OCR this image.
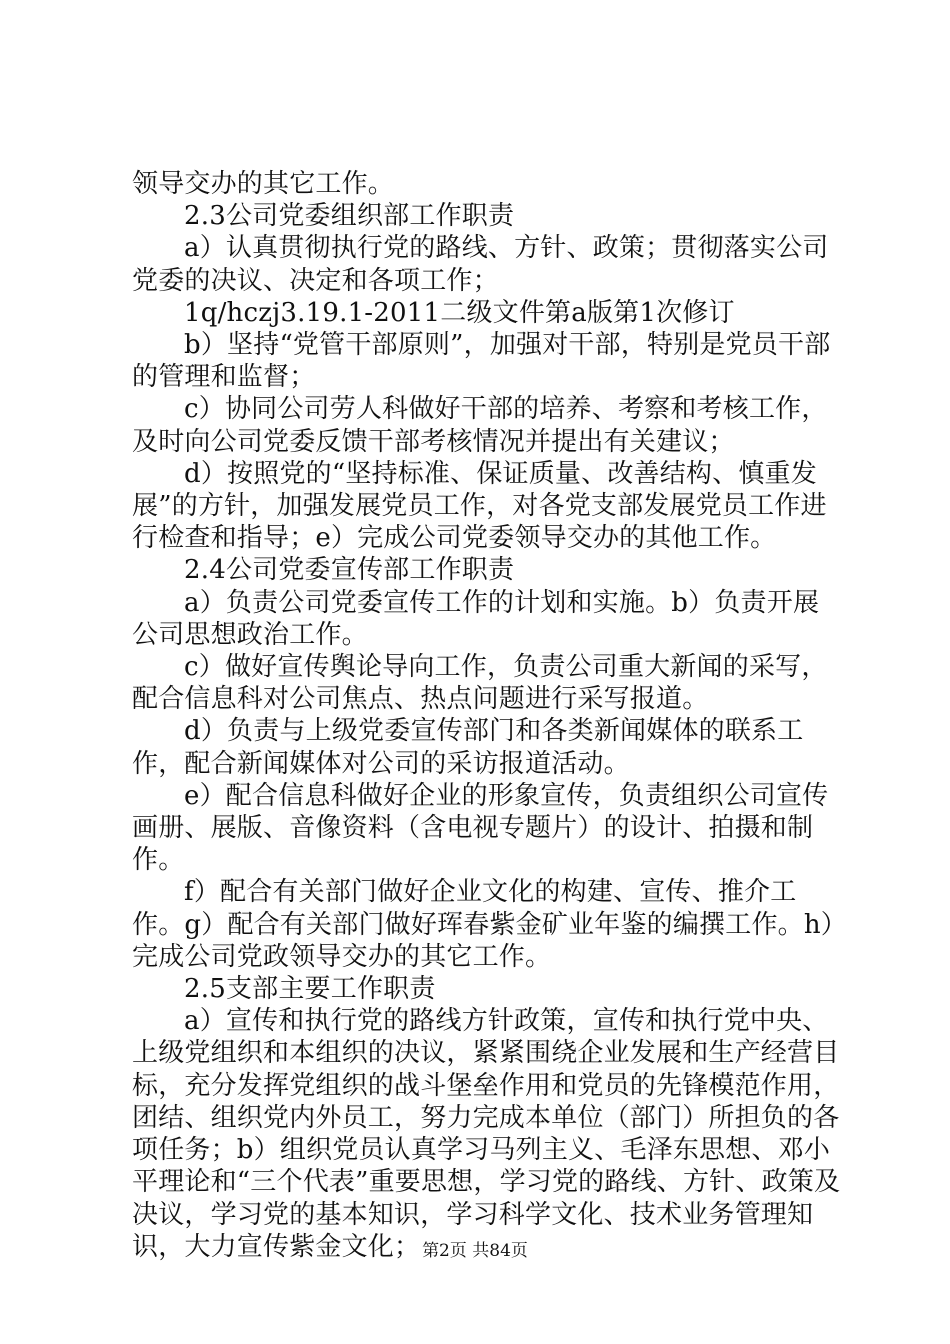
领导交办的其它工作。

2.3公司党委组织部工作职责

a）认真贯彻执行党的路线、方针、政策；贯彻落实公司党委的决议、决定和各项工作；

1q/hczj3.19.1-2011二级文件第a版第1次修订

b）坚持“党管干部原则”，加强对干部，特别是党员干部的管理和监督；

c）协同公司劳人科做好干部的培养、考察和考核工作，及时向公司党委反馈干部考核情况并提出有关建议；

d）按照党的“坚持标准、保证质量、改善结构、慎重发展”的方针，加强发展党员工作，对各党支部发展党员工作进行检查和指导；e）完成公司党委领导交办的其他工作。

2.4公司党委宣传部工作职责

a）负责公司党委宣传工作的计划和实施。b）负责开展公司思想政治工作。

c）做好宣传舆论导向工作，负责公司重大新闻的采写，配合信息科对公司焦点、热点问题进行采写报道。

d）负责与上级党委宣传部门和各类新闻媒体的联系工作，配合新闻媒体对公司的采访报道活动。

e）配合信息科做好企业的形象宣传，负责组织公司宣传画册、展版、音像资料（含电视专题片）的设计、拍摄和制作。

f）配合有关部门做好企业文化的构建、宣传、推介工作。g）配合有关部门做好珲春紫金矿业年鉴的编撰工作。h）完成公司党政领导交办的其它工作。

2.5支部主要工作职责

a）宣传和执行党的路线方针政策，宣传和执行党中央、上级党组织和本组织的决议，紧紧围绕企业发展和生产经营目标，充分发挥党组织的战斗堡垒作用和党员的先锋模范作用，团结、组织党内外员工，努力完成本单位（部门）所担负的各项任务；b）组织党员认真学习马列主义、毛泽东思想、邓小平理论和“三个代表”重要思想，学习党的路线、方针、政策及决议，学习党的基本知识，学习科学文化、技术业务管理知识，大力宣传紫金文化； 第2页 共84页
